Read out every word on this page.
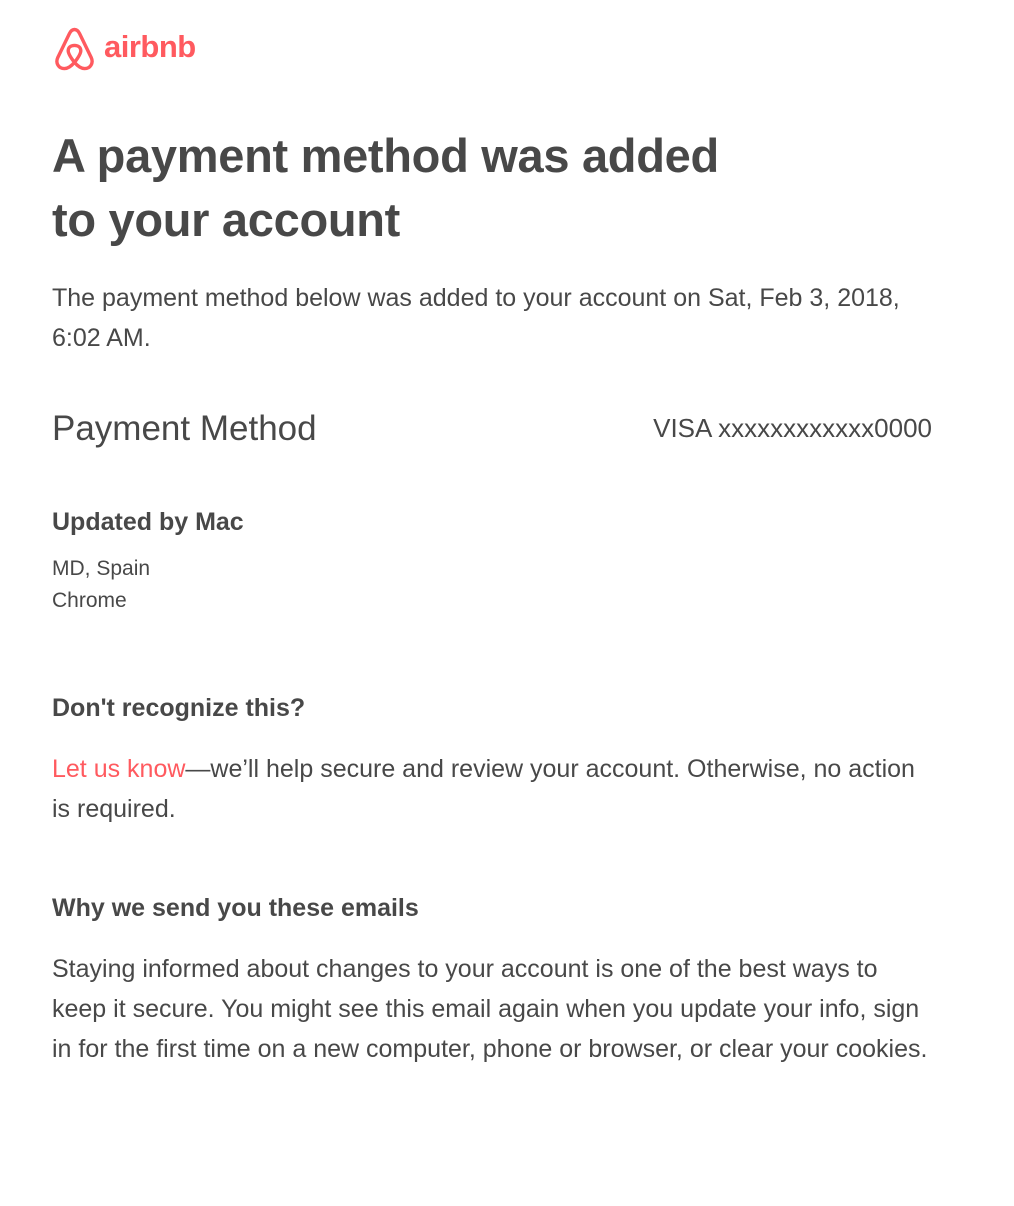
airbnb
A payment method was added
to your account

The payment method below was added to your account on Sat, Feb 3, 2018, 6:02 AM.

Payment Method	VISA xxxxxxxxxxxx0000
Updated by Mac
MD, Spain
Chrome
Don't recognize this?

Let us know—we’ll help secure and review your account. Otherwise, no action is required.

Why we send you these emails

Staying informed about changes to your account is one of the best ways to keep it secure. You might see this email again when you update your info, sign in for the first time on a new computer, phone or browser, or clear your cookies.
